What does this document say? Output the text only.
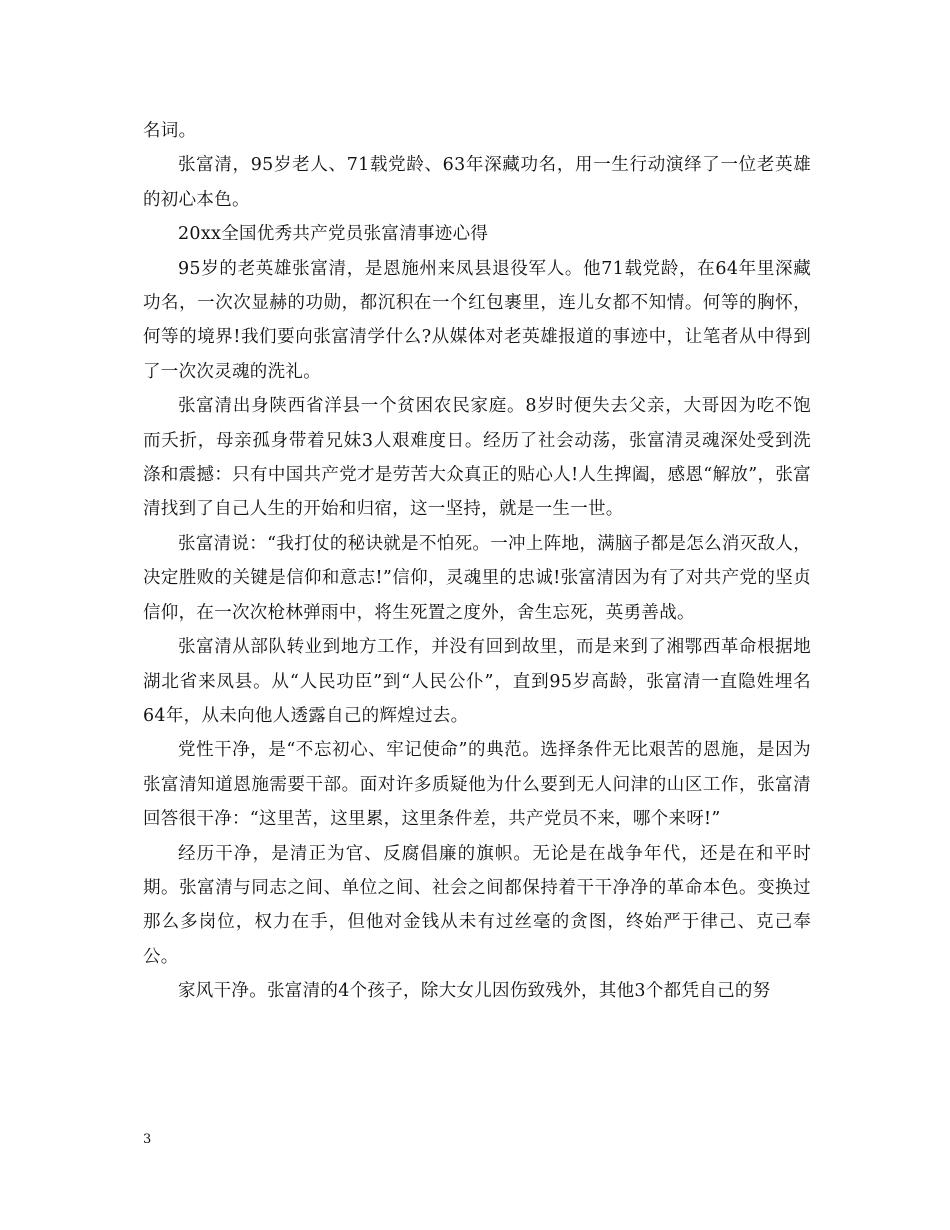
名词。

张富清，95岁老人、71载党龄、63年深藏功名，用一生行动演绎了一位老英雄的初心本色。

20xx全国优秀共产党员张富清事迹心得

95岁的老英雄张富清，是恩施州来凤县退役军人。他71载党龄，在64年里深藏功名，一次次显赫的功勋，都沉积在一个红包裹里，连儿女都不知情。何等的胸怀，何等的境界!我们要向张富清学什么?从媒体对老英雄报道的事迹中，让笔者从中得到了一次次灵魂的洗礼。

张富清出身陕西省洋县一个贫困农民家庭。8岁时便失去父亲，大哥因为吃不饱而夭折，母亲孤身带着兄妹3人艰难度日。经历了社会动荡，张富清灵魂深处受到洗涤和震撼：只有中国共产党才是劳苦大众真正的贴心人!人生捭阖，感恩“解放”，张富清找到了自己人生的开始和归宿，这一坚持，就是一生一世。

张富清说：“我打仗的秘诀就是不怕死。一冲上阵地，满脑子都是怎么消灭敌人，决定胜败的关键是信仰和意志!”信仰，灵魂里的忠诚!张富清因为有了对共产党的坚贞信仰，在一次次枪林弹雨中，将生死置之度外，舍生忘死，英勇善战。

张富清从部队转业到地方工作，并没有回到故里，而是来到了湘鄂西革命根据地湖北省来凤县。从“人民功臣”到“人民公仆”，直到95岁高龄，张富清一直隐姓埋名 64年，从未向他人透露自己的辉煌过去。

党性干净，是“不忘初心、牢记使命”的典范。选择条件无比艰苦的恩施，是因为张富清知道恩施需要干部。面对许多质疑他为什么要到无人问津的山区工作，张富清回答很干净：“这里苦，这里累，这里条件差，共产党员不来，哪个来呀!”

经历干净，是清正为官、反腐倡廉的旗帜。无论是在战争年代，还是在和平时期。张富清与同志之间、单位之间、社会之间都保持着干干净净的革命本色。变换过那么多岗位，权力在手，但他对金钱从未有过丝毫的贪图，终始严于律己、克己奉公。

家风干净。张富清的4个孩子，除大女儿因伤致残外，其他3个都凭自己的努

3
